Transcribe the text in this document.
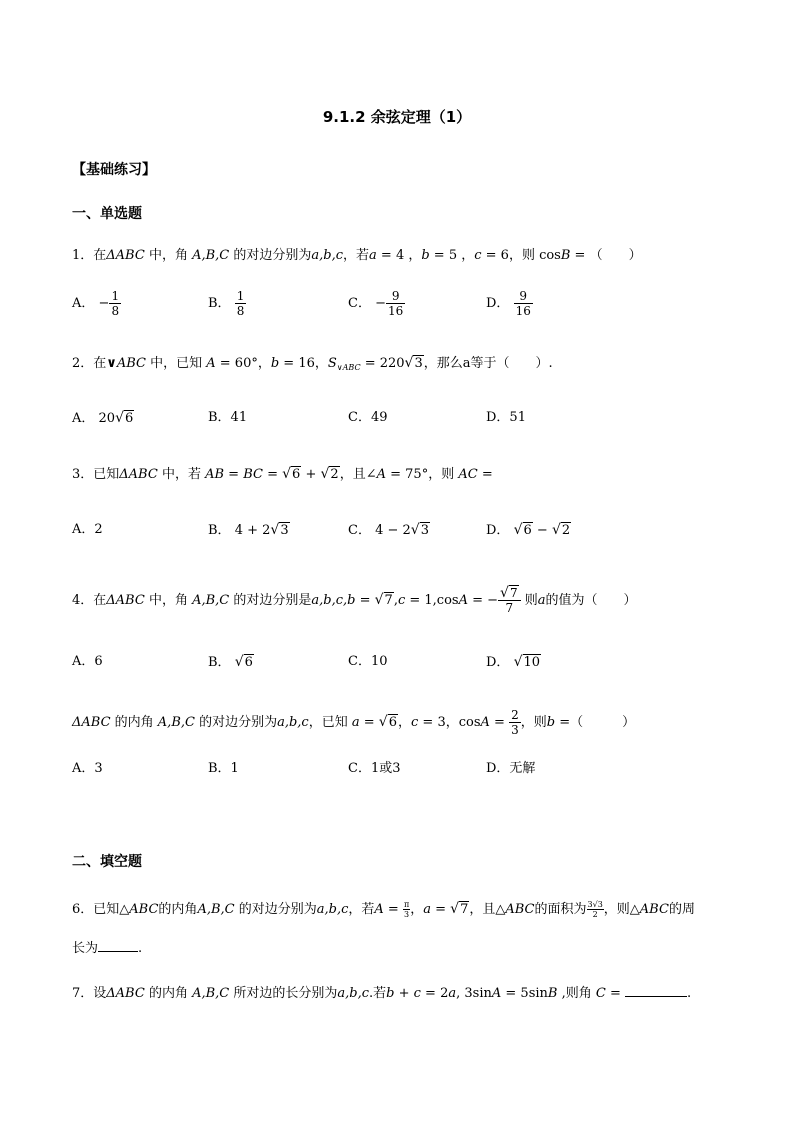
9.1.2 余弦定理（1）
【基础练习】
一、单选题
1．在ΔABC 中，角 A,B,C 的对边分别为a,b,c，若a = 4 ，b = 5 ，c = 6，则 cosB = （　　）
A． − $\frac{1}{8}$	B． $\frac{1}{8}$	C． − $\frac{9}{16}$	D． $\frac{9}{16}$
2．在∨ABC 中，已知 A = 60°，b = 16，$S_{\vee ABC} = 220√3$，那么a等于（　　）.
A． 20√6	B．41	C．49	D．51
3．已知ΔABC 中，若 AB = BC = √6 + √2，且∠A = 75°，则 AC =
A．2	B． 4 + 2√3	C． 4 − 2√3	D． √6 − √2
4．在ΔABC 中，角 A,B,C 的对边分别是a,b,c,b = √7,c = 1,cosA = − $\frac{√7}{7}$ 则a的值为（　　）
A．6	B． √6	C．10	D． √10
ΔABC 的内角 A,B,C 的对边分别为a,b,c，已知 a = √6，c = 3，$\cos A = \frac{2}{3}$ ，则b =（　　　）
A．3	B．1	C．1或3	D．无解
二、填空题
6．已知△ABC的内角A,B,C 的对边分别为a,b,c，若$A = \frac{\pi}{3}$ ，a = √7，且△ABC的面积为 $\frac{3√3}{2}$ ，则△ABC的周
长为	.
7．设ΔABC 的内角 A,B,C 所对边的长分别为a,b,c.若b + c = 2a, 3sinA = 5sinB ,则角 C =	.
